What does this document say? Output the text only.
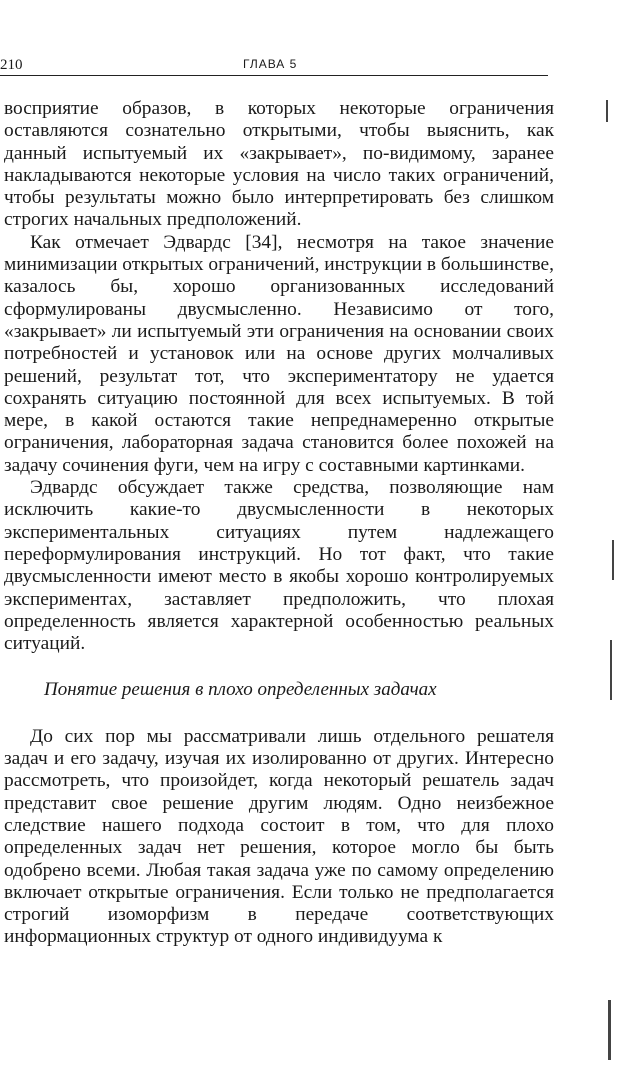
210	ГЛАВА 5

восприятие образов, в которых некоторые ограничения оставляются сознательно открытыми, чтобы выяснить, как данный испытуемый их «закрывает», по-видимому, заранее накладываются некоторые условия на число таких ограничений, чтобы результаты можно было интерпретировать без слишком строгих начальных предположений.

Как отмечает Эдвардс [34], несмотря на такое значение минимизации открытых ограничений, инструкции в большинстве, казалось бы, хорошо организованных исследований сформулированы двусмысленно. Независимо от того, «закрывает» ли испытуемый эти ограничения на основании своих потребностей и установок или на основе других молчаливых решений, результат тот, что экспериментатору не удается сохранять ситуацию постоянной для всех испытуемых. В той мере, в какой остаются такие непреднамеренно открытые ограничения, лабораторная задача становится более похожей на задачу сочинения фуги, чем на игру с составными картинками.

Эдвардс обсуждает также средства, позволяющие нам исключить какие-то двусмысленности в некоторых экспериментальных ситуациях путем надлежащего переформулирования инструкций. Но тот факт, что такие двусмысленности имеют место в якобы хорошо контролируемых экспериментах, заставляет предположить, что плохая определенность является характерной особенностью реальных ситуаций.

Понятие решения в плохо определенных задачах

До сих пор мы рассматривали лишь отдельного решателя задач и его задачу, изучая их изолированно от других. Интересно рассмотреть, что произойдет, когда некоторый решатель задач представит свое решение другим людям. Одно неизбежное следствие нашего подхода состоит в том, что для плохо определенных задач нет решения, которое могло бы быть одобрено всеми. Любая такая задача уже по самому определению включает открытые ограничения. Если только не предполагается строгий изоморфизм в передаче соответствующих информационных структур от одного индивидуума к
